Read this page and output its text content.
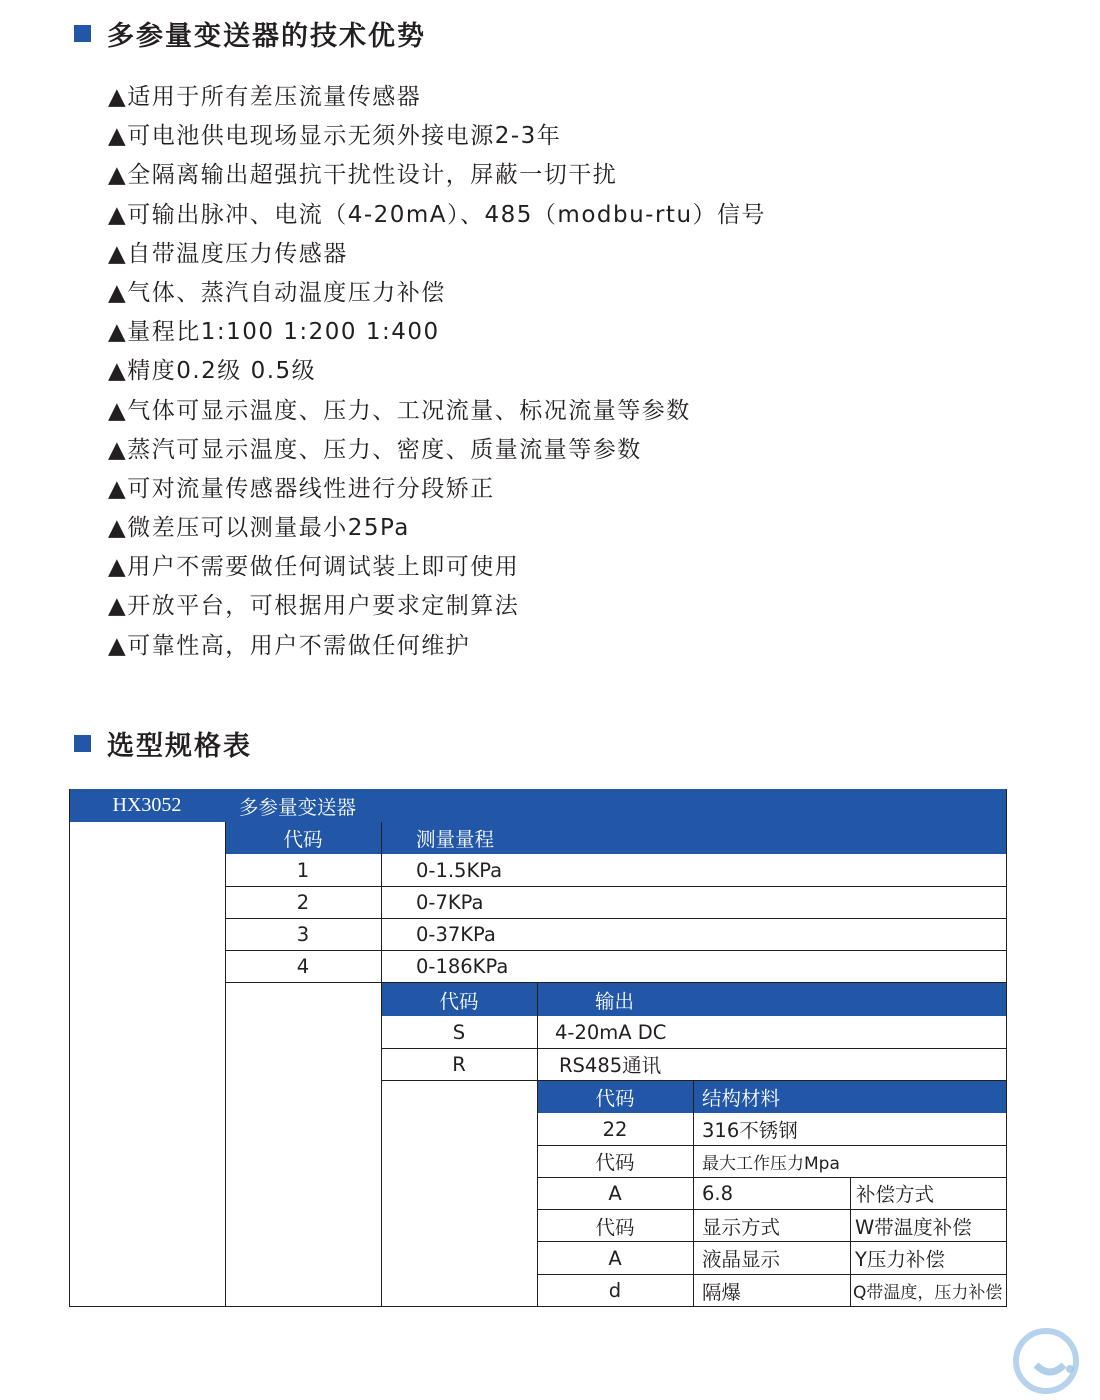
多参量变送器的技术优势
▲适用于所有差压流量传感器
▲可电池供电现场显示无须外接电源2-3年
▲全隔离输出超强抗干扰性设计，屏蔽一切干扰
▲可输出脉冲、电流（4-20mA）、485（modbu-rtu）信号
▲自带温度压力传感器
▲气体、蒸汽自动温度压力补偿
▲量程比1:100 1:200 1:400
▲精度0.2级 0.5级
▲气体可显示温度、压力、工况流量、标况流量等参数
▲蒸汽可显示温度、压力、密度、质量流量等参数
▲可对流量传感器线性进行分段矫正
▲微差压可以测量最小25Pa
▲用户不需要做任何调试装上即可使用
▲开放平台，可根据用户要求定制算法
▲可靠性高，用户不需做任何维护
选型规格表
HX3052	多参量变送器
代码	测量量程
1	0-1.5KPa
2	0-7KPa
3	0-37KPa
4	0-186KPa
代码	输出
S	4-20mA DC
R	RS485通讯
代码	结构材料
22	316不锈钢
代码	最大工作压力Mpa
A	6.8	补偿方式
代码	显示方式	W带温度补偿
A	液晶显示	Y压力补偿
d	隔爆	Q带温度，压力补偿
